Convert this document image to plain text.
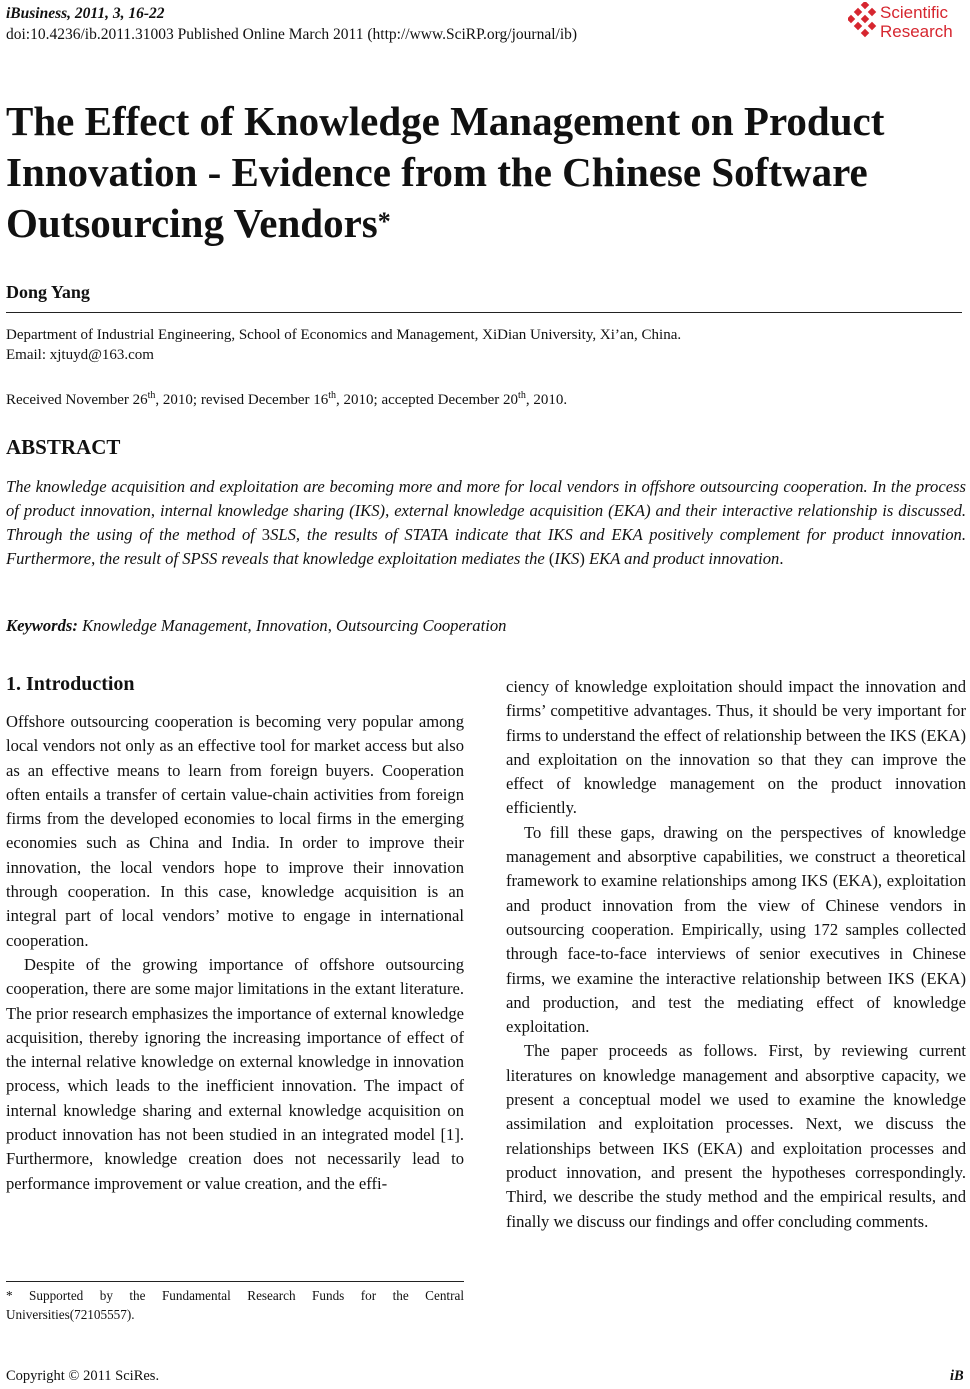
iBusiness, 2011, 3, 16-22
doi:10.4236/ib.2011.31003 Published Online March 2011 (http://www.SciRP.org/journal/ib)
Scientific
Research
The Effect of Knowledge Management on Product Innovation - Evidence from the Chinese Software Outsourcing Vendors*
Dong Yang
Department of Industrial Engineering, School of Economics and Management, XiDian University, Xi’an, China.
Email: xjtuyd@163.com
Received November 26th, 2010; revised December 16th, 2010; accepted December 20th, 2010.
ABSTRACT
The knowledge acquisition and exploitation are becoming more and more for local vendors in offshore outsourcing cooperation. In the process of product innovation, internal knowledge sharing (IKS), external knowledge acquisition (EKA) and their interactive relationship is discussed. Through the using of the method of 3SLS, the results of STATA indicate that IKS and EKA positively complement for product innovation. Furthermore, the result of SPSS reveals that knowledge exploitation mediates the (IKS) EKA and product innovation.
Keywords: Knowledge Management, Innovation, Outsourcing Cooperation
1. Introduction

Offshore outsourcing cooperation is becoming very popular among local vendors not only as an effective tool for market access but also as an effective means to learn from foreign buyers. Cooperation often entails a transfer of certain value-chain activities from foreign firms from the developed economies to local firms in the emerging economies such as China and India. In order to improve their innovation, the local vendors hope to improve their innovation through cooperation. In this case, knowledge acquisition is an integral part of local vendors’ motive to engage in international cooperation.

Despite of the growing importance of offshore outsourcing cooperation, there are some major limitations in the extant literature. The prior research emphasizes the importance of external knowledge acquisition, thereby ignoring the increasing importance of effect of the internal relative knowledge on external knowledge in innovation process, which leads to the inefficient innovation. The impact of internal knowledge sharing and external knowledge acquisition on product innovation has not been studied in an integrated model [1]. Furthermore, knowledge creation does not necessarily lead to performance improvement or value creation, and the effi-

ciency of knowledge exploitation should impact the innovation and firms’ competitive advantages. Thus, it should be very important for firms to understand the effect of relationship between the IKS (EKA) and exploitation on the innovation so that they can improve the effect of knowledge management on the product innovation efficiently.

To fill these gaps, drawing on the perspectives of knowledge management and absorptive capabilities, we construct a theoretical framework to examine relationships among IKS (EKA), exploitation and product innovation from the view of Chinese vendors in outsourcing cooperation. Empirically, using 172 samples collected through face-to-face interviews of senior executives in Chinese firms, we examine the interactive relationship between IKS (EKA) and production, and test the mediating effect of knowledge exploitation.

The paper proceeds as follows. First, by reviewing current literatures on knowledge management and absorptive capacity, we present a conceptual model we used to examine the knowledge assimilation and exploitation processes. Next, we discuss the relationships between IKS (EKA) and exploitation processes and product innovation, and present the hypotheses correspondingly. Third, we describe the study method and the empirical results, and finally we discuss our findings and offer concluding comments.

* Supported by the Fundamental Research Funds for the Central Universities(72105557).
Copyright © 2011 SciRes.	iB
